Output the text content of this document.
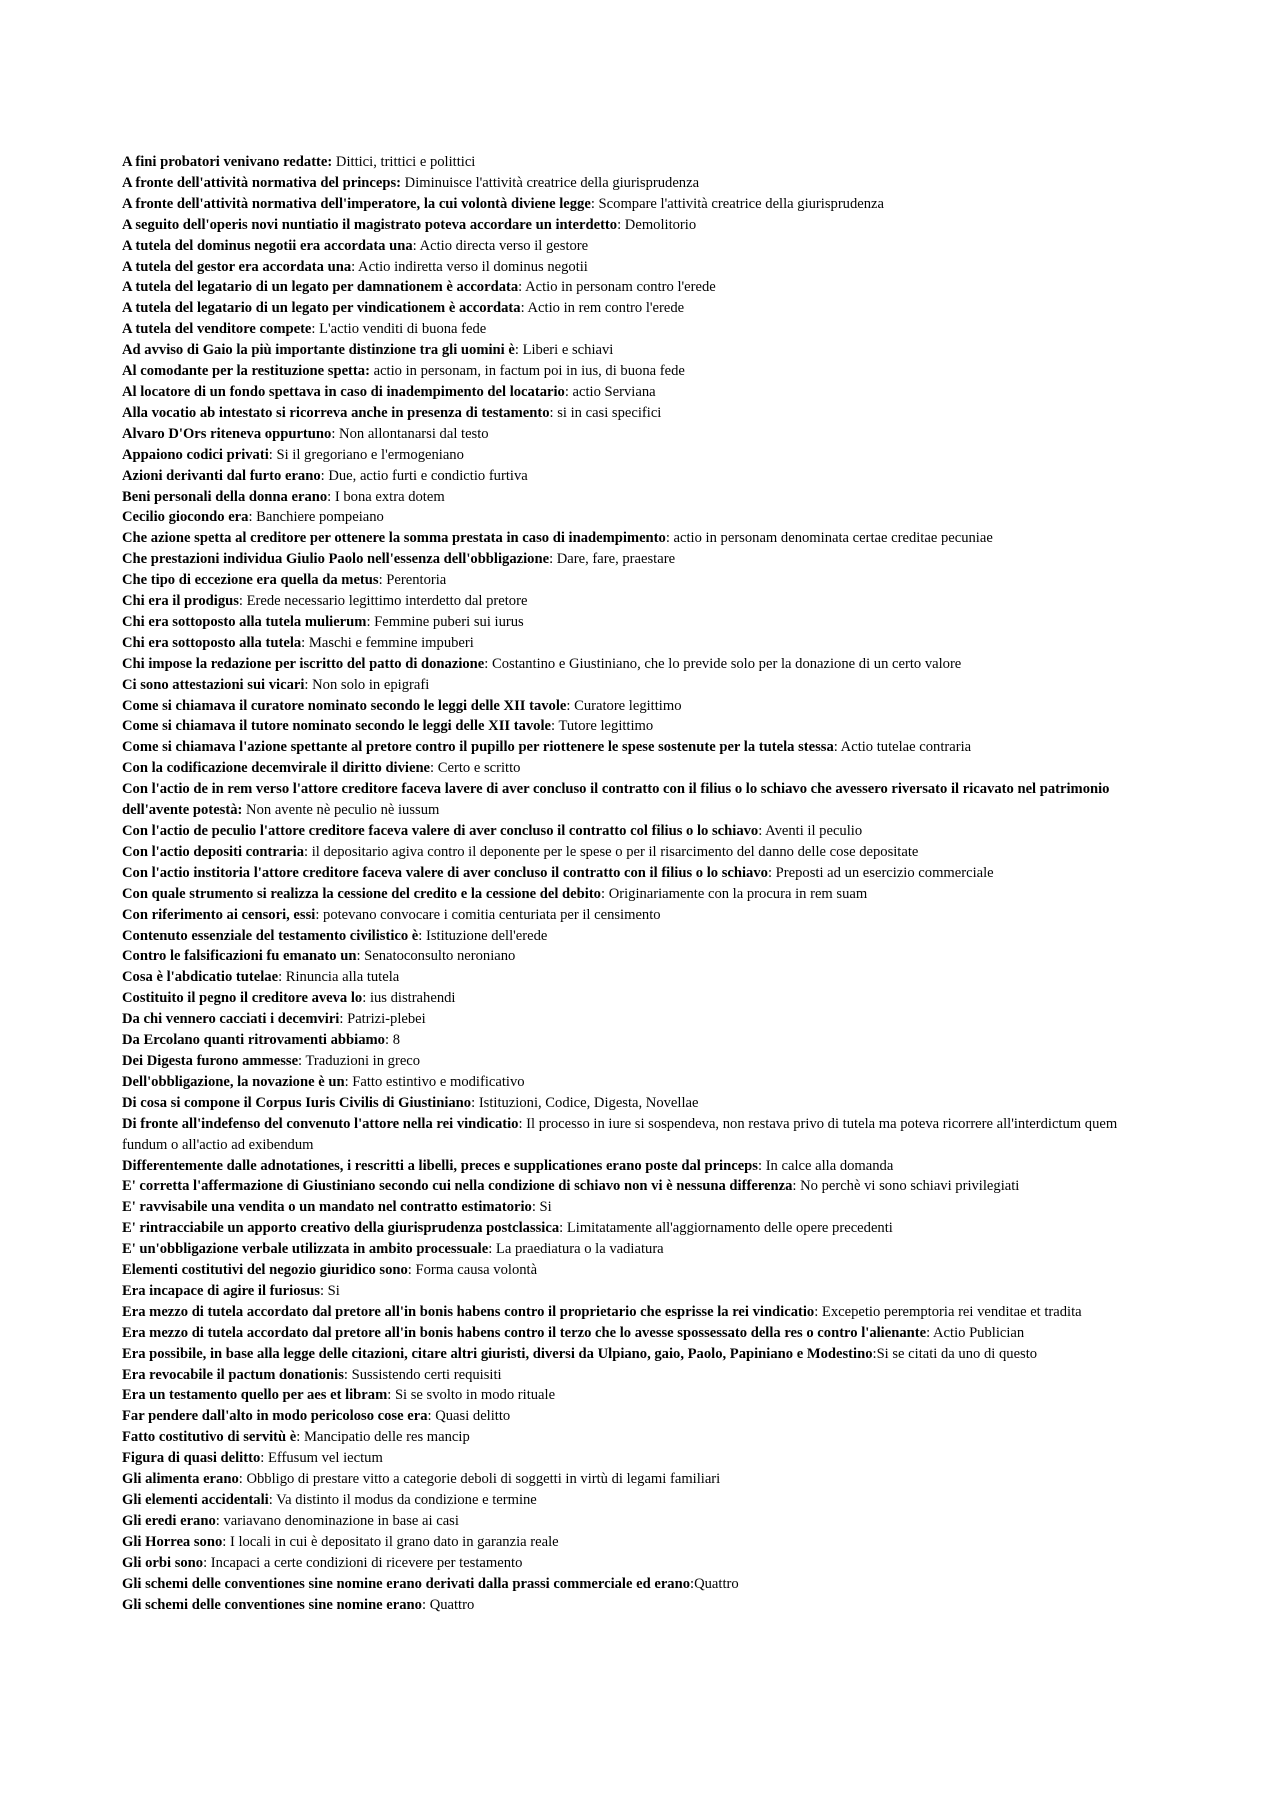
A fini probatori venivano redatte: Dittici, trittici e polittici
A fronte dell'attività normativa del princeps: Diminuisce l'attività creatrice della giurisprudenza
A fronte dell'attività normativa dell'imperatore, la cui volontà diviene legge: Scompare l'attività creatrice della giurisprudenza
A seguito dell'operis novi nuntiatio il magistrato poteva accordare un interdetto: Demolitorio
A tutela del dominus negotii era accordata una: Actio directa verso il gestore
A tutela del gestor era accordata una: Actio indiretta verso il dominus negotii
A tutela del legatario di un legato per damnationem è accordata: Actio in personam contro l'erede
A tutela del legatario di un legato per vindicationem è accordata: Actio in rem contro l'erede
A tutela del venditore compete: L'actio venditi di buona fede
Ad avviso di Gaio la più importante distinzione tra gli uomini è: Liberi e schiavi
Al comodante per la restituzione spetta: actio in personam, in factum poi in ius, di buona fede
Al locatore di un fondo spettava in caso di inadempimento del locatario: actio Serviana
Alla vocatio ab intestato si ricorreva anche in presenza di testamento: si in casi specifici
Alvaro D'Ors riteneva oppurtuno: Non allontanarsi dal testo
Appaiono codici privati: Si il gregoriano e l'ermogeniano
Azioni derivanti dal furto erano: Due, actio furti e condictio furtiva
Beni personali della donna erano: I bona extra dotem
Cecilio giocondo era: Banchiere pompeiano
Che azione spetta al creditore per ottenere la somma prestata in caso di inadempimento: actio in personam denominata certae creditae pecuniae
Che prestazioni individua Giulio Paolo nell'essenza dell'obbligazione: Dare, fare, praestare
Che tipo di eccezione era quella da metus: Perentoria
Chi era il prodigus: Erede necessario legittimo interdetto dal pretore
Chi era sottoposto alla tutela mulierum: Femmine puberi sui iurus
Chi era sottoposto alla tutela: Maschi e femmine impuberi
Chi impose la redazione per iscritto del patto di donazione: Costantino e Giustiniano, che lo previde solo per la donazione di un certo valore
Ci sono attestazioni sui vicari: Non solo in epigrafi
Come si chiamava il curatore nominato secondo le leggi delle XII tavole: Curatore legittimo
Come si chiamava il tutore nominato secondo le leggi delle XII tavole: Tutore legittimo
Come si chiamava l'azione spettante al pretore contro il pupillo per riottenere le spese sostenute per la tutela stessa: Actio tutelae contraria
Con la codificazione decemvirale il diritto diviene: Certo e scritto
Con l'actio de in rem verso l'attore creditore faceva lavere di aver concluso il contratto con il filius o lo schiavo che avessero riversato il ricavato nel patrimonio dell'avente potestà: Non avente nè peculio nè iussum
Con l'actio de peculio l'attore creditore faceva valere di aver concluso il contratto col filius o lo schiavo: Aventi il peculio
Con l'actio depositi contraria: il depositario agiva contro il deponente per le spese o per il risarcimento del danno delle cose depositate
Con l'actio institoria l'attore creditore faceva valere di aver concluso il contratto con il filius o lo schiavo: Preposti ad un esercizio commerciale
Con quale strumento si realizza la cessione del credito e la cessione del debito: Originariamente con la procura in rem suam
Con riferimento ai censori, essi: potevano convocare i comitia centuriata per il censimento
Contenuto essenziale del testamento civilistico è: Istituzione dell'erede
Contro le falsificazioni fu emanato un: Senatoconsulto neroniano
Cosa è l'abdicatio tutelae: Rinuncia alla tutela
Costituito il pegno il creditore aveva lo: ius distrahendi
Da chi vennero cacciati i decemviri: Patrizi-plebei
Da Ercolano quanti ritrovamenti abbiamo: 8
Dei Digesta furono ammesse: Traduzioni in greco
Dell'obbligazione, la novazione è un: Fatto estintivo e modificativo
Di cosa si compone il Corpus Iuris Civilis di Giustiniano: Istituzioni, Codice, Digesta, Novellae
Di fronte all'indefenso del convenuto l'attore nella rei vindicatio: Il processo in iure si sospendeva, non restava privo di tutela ma poteva ricorrere all'interdictum quem fundum o all'actio ad exibendum
Differentemente dalle adnotationes, i rescritti a libelli, preces e supplicationes erano poste dal princeps: In calce alla domanda
E' corretta l'affermazione di Giustiniano secondo cui nella condizione di schiavo non vi è nessuna differenza: No perchè vi sono schiavi privilegiati
E' ravvisabile una vendita o un mandato nel contratto estimatorio: Si
E' rintracciabile un apporto creativo della giurisprudenza postclassica: Limitatamente all'aggiornamento delle opere precedenti
E' un'obbligazione verbale utilizzata in ambito processuale: La praediatura o la vadiatura
Elementi costitutivi del negozio giuridico sono: Forma causa volontà
Era incapace di agire il furiosus: Si
Era mezzo di tutela accordato dal pretore all'in bonis habens contro il proprietario che esprisse la rei vindicatio: Excepetio peremptoria rei venditae et tradita
Era mezzo di tutela accordato dal pretore all'in bonis habens contro il terzo che lo avesse spossessato della res o contro l'alienante: Actio Publician
Era possibile, in base alla legge delle citazioni, citare altri giuristi, diversi da Ulpiano, gaio, Paolo, Papiniano e Modestino:Si se citati da uno di questo
Era revocabile il pactum donationis: Sussistendo certi requisiti
Era un testamento quello per aes et libram: Si se svolto in modo rituale
Far pendere dall'alto in modo pericoloso cose era: Quasi delitto
Fatto costitutivo di servitù è: Mancipatio delle res mancip
Figura di quasi delitto: Effusum vel iectum
Gli alimenta erano: Obbligo di prestare vitto a categorie deboli di soggetti in virtù di legami familiari
Gli elementi accidentali: Va distinto il modus da condizione e termine
Gli eredi erano: variavano denominazione in base ai casi
Gli Horrea sono: I locali in cui è depositato il grano dato in garanzia reale
Gli orbi sono: Incapaci a certe condizioni di ricevere per testamento
Gli schemi delle conventiones sine nomine erano derivati dalla prassi commerciale ed erano:Quattro
Gli schemi delle conventiones sine nomine erano: Quattro
